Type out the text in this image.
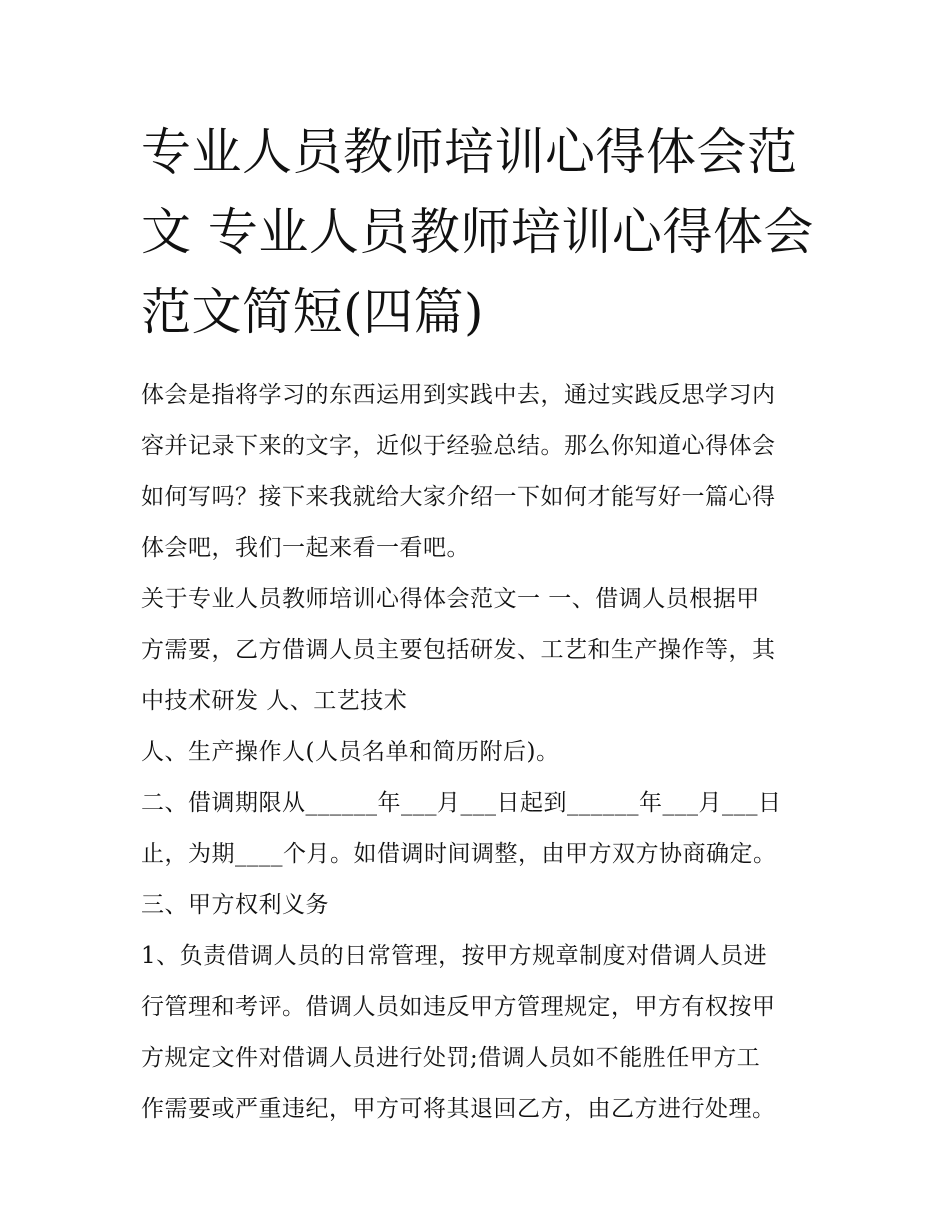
专业人员教师培训心得体会范
文 专业人员教师培训心得体会
范文简短(四篇)
体会是指将学习的东西运用到实践中去，通过实践反思学习内
容并记录下来的文字，近似于经验总结。那么你知道心得体会
如何写吗？接下来我就给大家介绍一下如何才能写好一篇心得
体会吧，我们一起来看一看吧。
关于专业人员教师培训心得体会范文一 一、借调人员根据甲
方需要，乙方借调人员主要包括研发、工艺和生产操作等，其
中技术研发 人、工艺技术
人、生产操作人(人员名单和简历附后)。
二、借调期限从______年___月___日起到______年___月___日
止，为期____个月。如借调时间调整，由甲方双方协商确定。
三、甲方权利义务
1、负责借调人员的日常管理，按甲方规章制度对借调人员进
行管理和考评。借调人员如违反甲方管理规定，甲方有权按甲
方规定文件对借调人员进行处罚;借调人员如不能胜任甲方工
作需要或严重违纪，甲方可将其退回乙方，由乙方进行处理。
